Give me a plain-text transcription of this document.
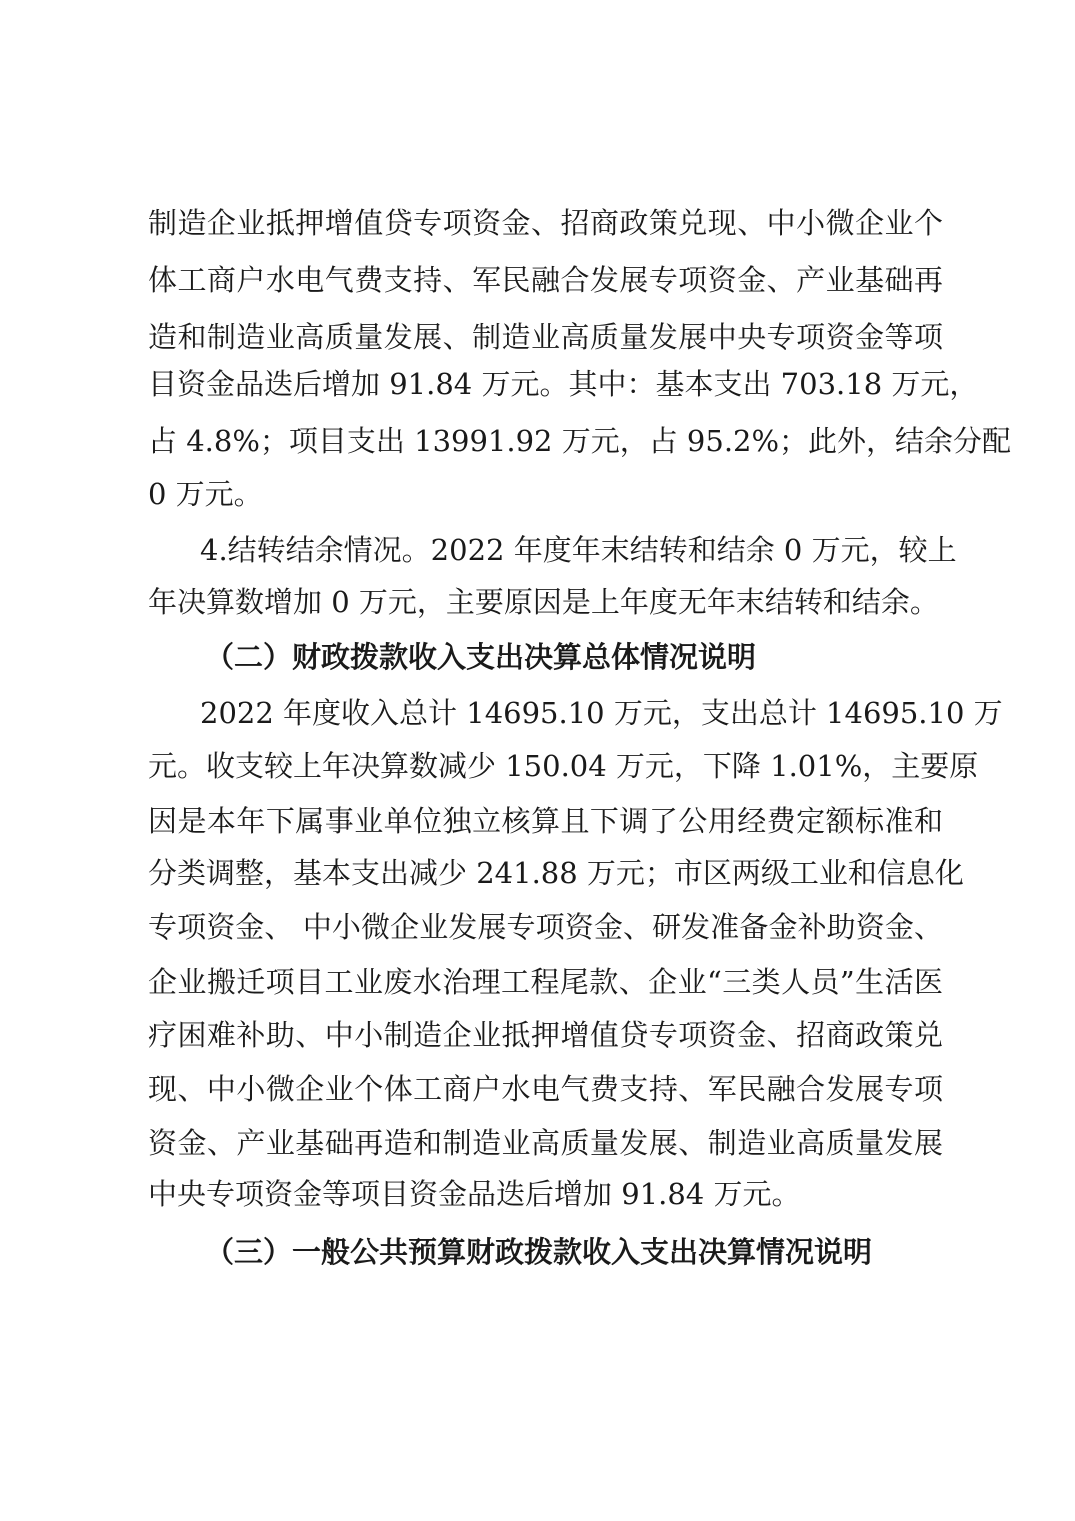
制造企业抵押增值贷专项资金、招商政策兑现、中小微企业个
体工商户水电气费支持、军民融合发展专项资金、产业基础再
造和制造业高质量发展、制造业高质量发展中央专项资金等项
目资金品迭后增加 91.84 万元。其中：基本支出 703.18 万元，
占 4.8%；项目支出 13991.92 万元，占 95.2%；此外，结余分配
0 万元。
4.结转结余情况。2022 年度年末结转和结余 0 万元，较上
年决算数增加 0 万元，主要原因是上年度无年末结转和结余。
（二）财政拨款收入支出决算总体情况说明
2022 年度收入总计 14695.10 万元，支出总计 14695.10 万
元。收支较上年决算数减少 150.04 万元，下降 1.01%，主要原
因是本年下属事业单位独立核算且下调了公用经费定额标准和
分类调整，基本支出减少 241.88 万元；市区两级工业和信息化
专项资金、 中小微企业发展专项资金、研发准备金补助资金、
企业搬迁项目工业废水治理工程尾款、企业“三类人员”生活医
疗困难补助、中小制造企业抵押增值贷专项资金、招商政策兑
现、中小微企业个体工商户水电气费支持、军民融合发展专项
资金、产业基础再造和制造业高质量发展、制造业高质量发展
中央专项资金等项目资金品迭后增加 91.84 万元。
（三）一般公共预算财政拨款收入支出决算情况说明
